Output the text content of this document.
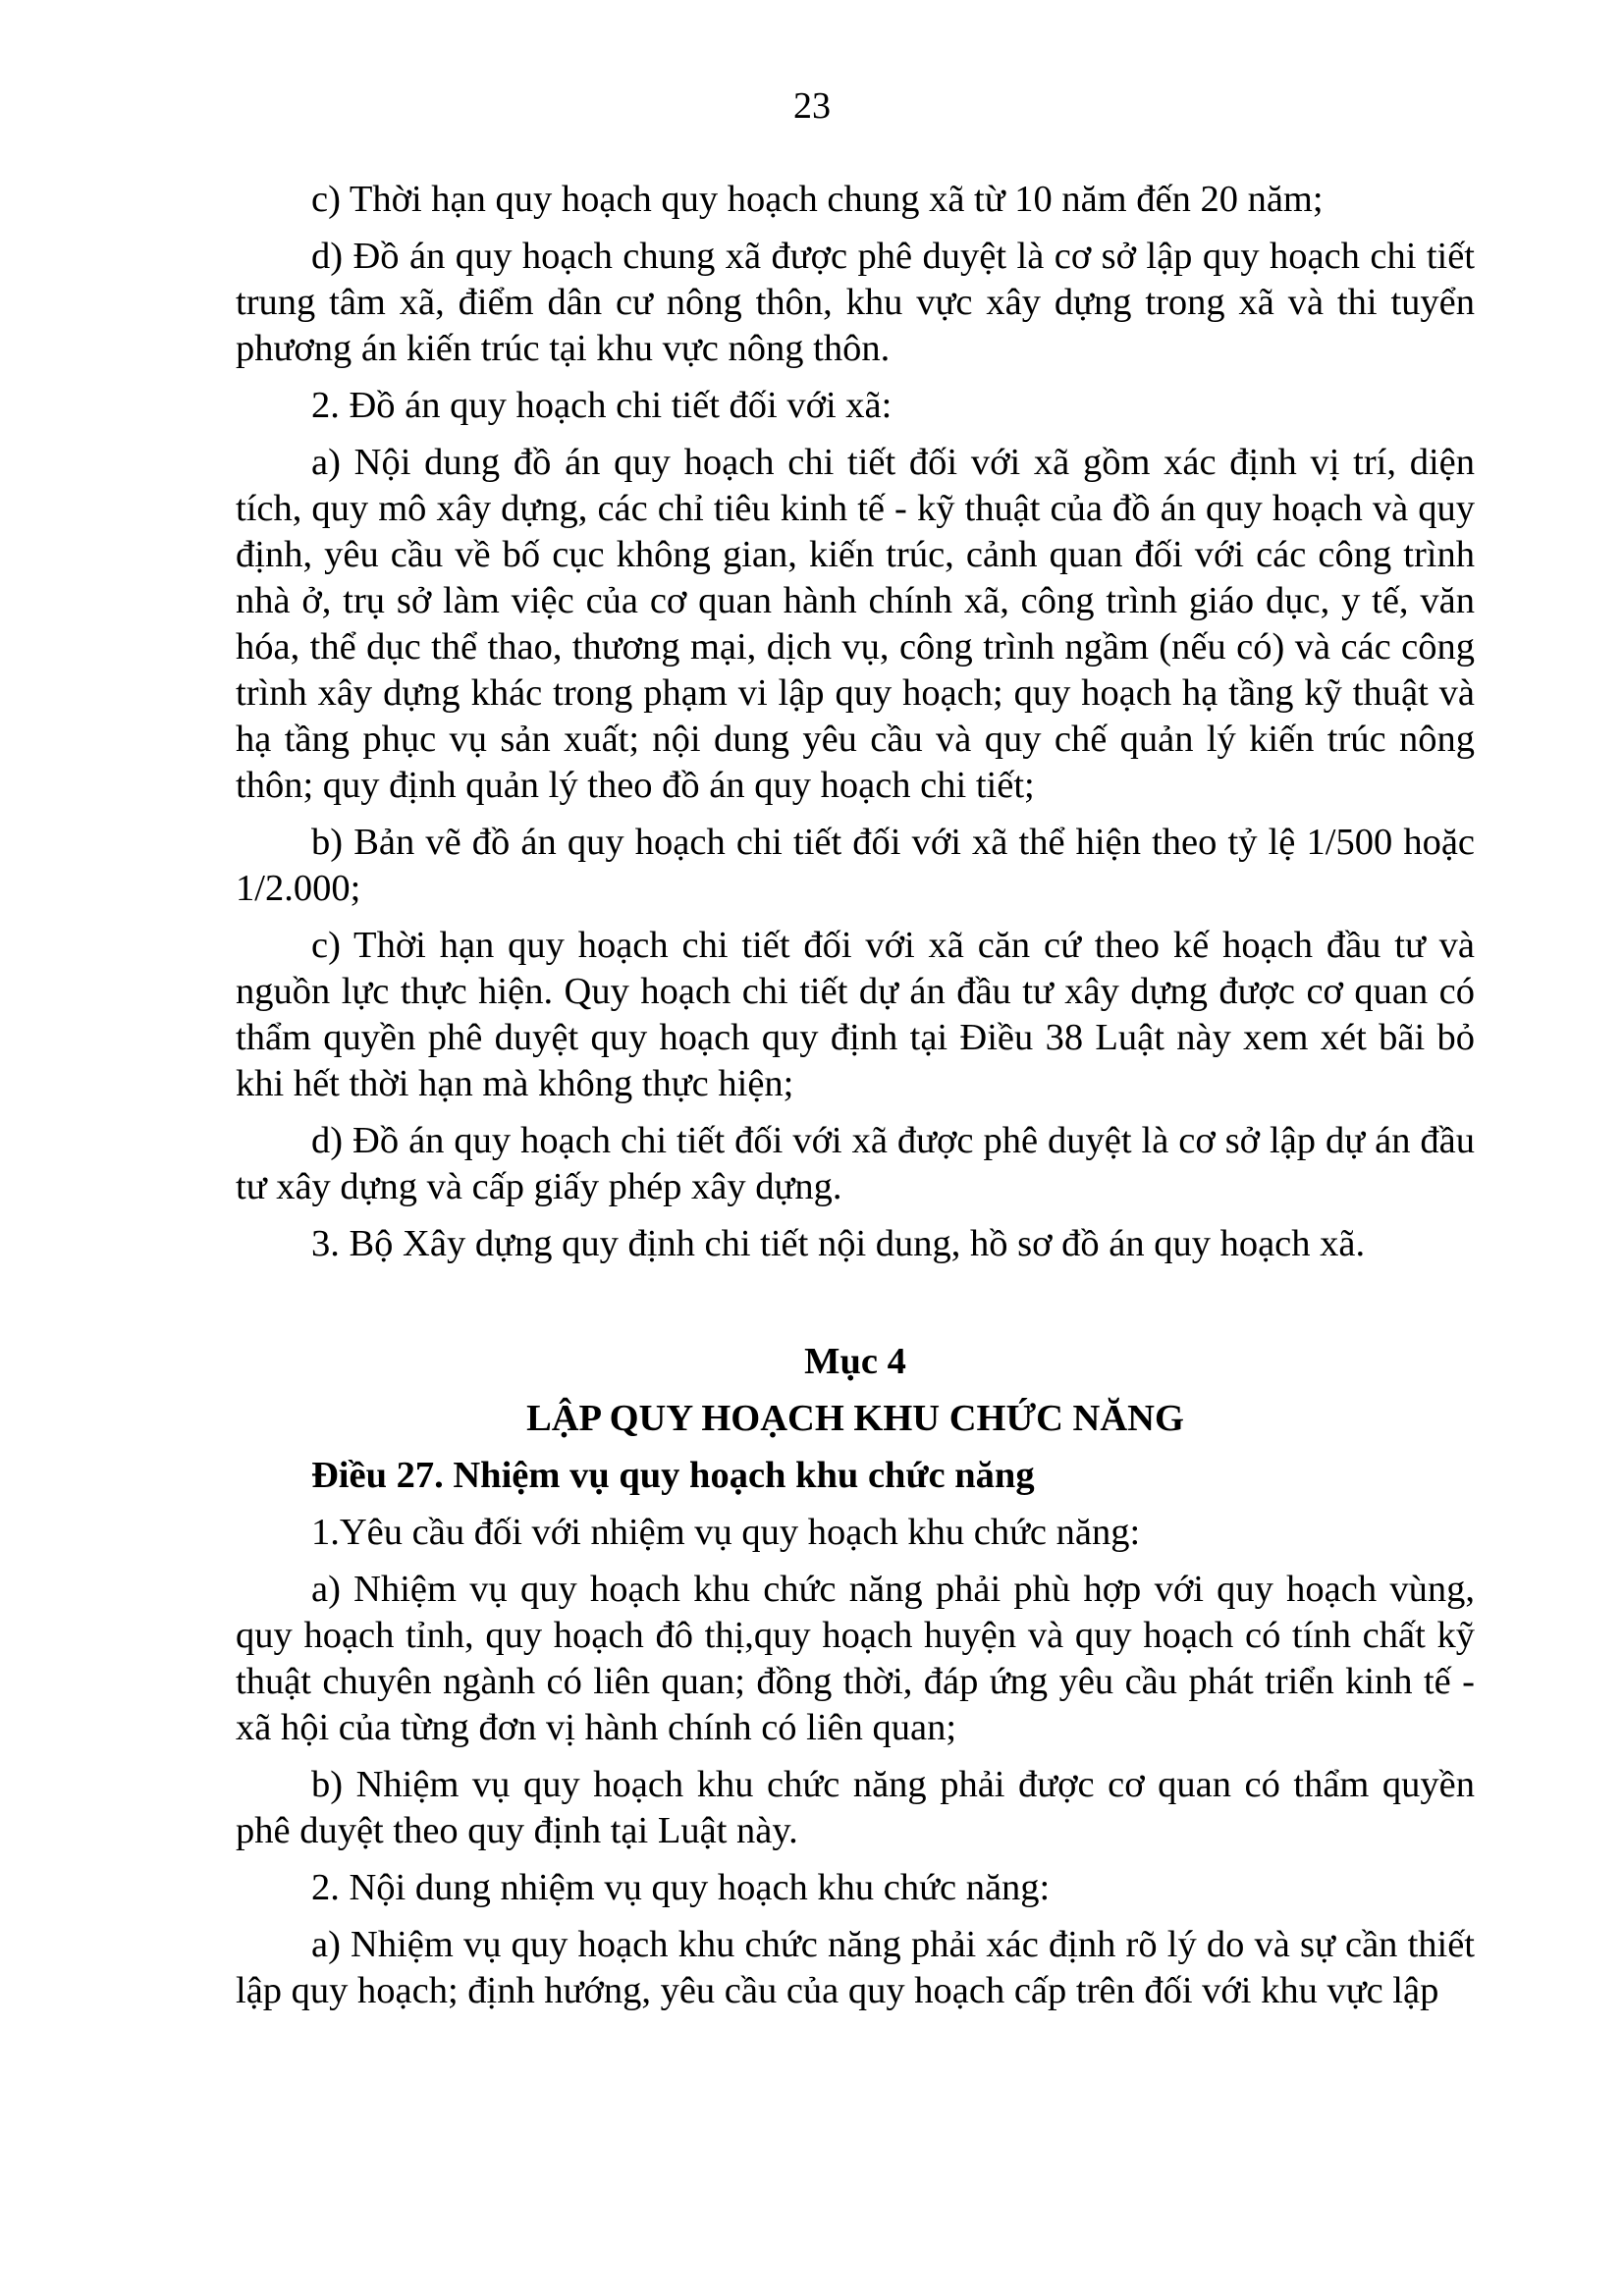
23

c) Thời hạn quy hoạch quy hoạch chung xã từ 10 năm đến 20 năm;

d) Đồ án quy hoạch chung xã được phê duyệt là cơ sở lập quy hoạch chi tiết trung tâm xã, điểm dân cư nông thôn, khu vực xây dựng trong xã và thi tuyển phương án kiến trúc tại khu vực nông thôn.

2. Đồ án quy hoạch chi tiết đối với xã:

a) Nội dung đồ án quy hoạch chi tiết đối với xã gồm xác định vị trí, diện tích, quy mô xây dựng, các chỉ tiêu kinh tế - kỹ thuật của đồ án quy hoạch và quy định, yêu cầu về bố cục không gian, kiến trúc, cảnh quan đối với các công trình nhà ở, trụ sở làm việc của cơ quan hành chính xã, công trình giáo dục, y tế, văn hóa, thể dục thể thao, thương mại, dịch vụ, công trình ngầm (nếu có) và các công trình xây dựng khác trong phạm vi lập quy hoạch; quy hoạch hạ tầng kỹ thuật và hạ tầng phục vụ sản xuất; nội dung yêu cầu và quy chế quản lý kiến trúc nông thôn; quy định quản lý theo đồ án quy hoạch chi tiết;

b) Bản vẽ đồ án quy hoạch chi tiết đối với xã thể hiện theo tỷ lệ 1/500 hoặc 1/2.000;

c) Thời hạn quy hoạch chi tiết đối với xã căn cứ theo kế hoạch đầu tư và nguồn lực thực hiện. Quy hoạch chi tiết dự án đầu tư xây dựng được cơ quan có thẩm quyền phê duyệt quy hoạch quy định tại Điều 38 Luật này xem xét bãi bỏ khi hết thời hạn mà không thực hiện;

d) Đồ án quy hoạch chi tiết đối với xã được phê duyệt là cơ sở lập dự án đầu tư xây dựng và cấp giấy phép xây dựng.

3. Bộ Xây dựng quy định chi tiết nội dung, hồ sơ đồ án quy hoạch xã.

Mục 4

LẬP QUY HOẠCH KHU CHỨC NĂNG

Điều 27. Nhiệm vụ quy hoạch khu chức năng

1.Yêu cầu đối với nhiệm vụ quy hoạch khu chức năng:

a) Nhiệm vụ quy hoạch khu chức năng phải phù hợp với quy hoạch vùng, quy hoạch tỉnh, quy hoạch đô thị,quy hoạch huyện và quy hoạch có tính chất kỹ thuật chuyên ngành có liên quan; đồng thời, đáp ứng yêu cầu phát triển kinh tế - xã hội của từng đơn vị hành chính có liên quan;

b) Nhiệm vụ quy hoạch khu chức năng phải được cơ quan có thẩm quyền phê duyệt theo quy định tại Luật này.

2. Nội dung nhiệm vụ quy hoạch khu chức năng:

a) Nhiệm vụ quy hoạch khu chức năng phải xác định rõ lý do và sự cần thiết lập quy hoạch; định hướng, yêu cầu của quy hoạch cấp trên đối với khu vực lập
